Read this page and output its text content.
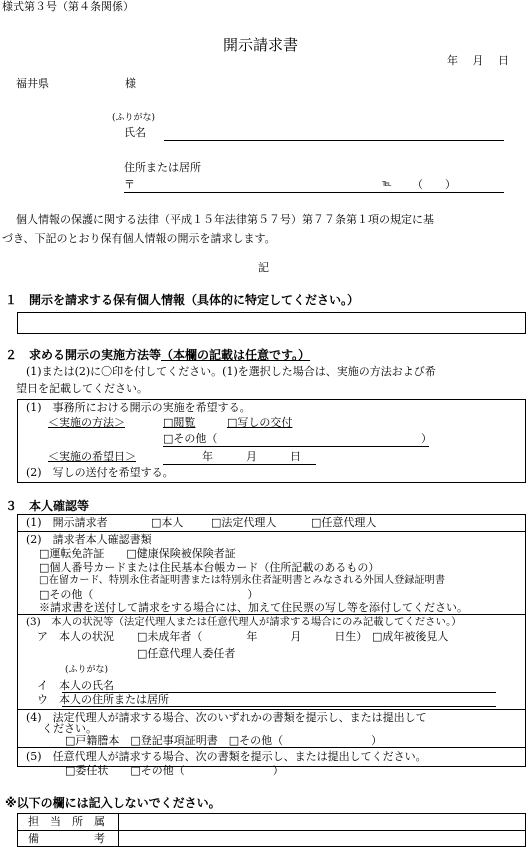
様式第３号（第４条関係）
開示請求書
年　 月　 日
福井県	様
(ふりがな)
氏名
住所または居所
〒	℡ （　　）
個人情報の保護に関する法律（平成１５年法律第５７号）第７７条第１項の規定に基
づき、下記のとおり保有個人情報の開示を請求します。
記
１　開示を請求する保有個人情報（具体的に特定してください。）
２　求める開示の実施方法等（本欄の記載は任意です。）
(1)または(2)に〇印を付してください。(1)を選択した場合は、実施の方法および希
望日を記載してください。
(1)　事務所における開示の実施を希望する。
＜実施の方法＞	□閲覧	□写しの交付
□その他（	）
＜実施の希望日＞	年　　　月　　　日
(2)　写しの送付を希望する。
３　本人確認等
(1)　開示請求者	□本人	□法定代理人	□任意代理人
(2)　請求者本人確認書類
□運転免許証　　□健康保険被保険者証
□個人番号カードまたは住民基本台帳カード（住所記載のあるもの）
□在留カード、特別永住者証明書または特別永住者証明書とみなされる外国人登録証明書
□その他（　　　　　　　　　　　　　　）
※請求書を送付して請求をする場合には、加えて住民票の写し等を添付してください。
(3)　本人の状況等（法定代理人または任意代理人が請求する場合にのみ記載してください。）
ア　本人の状況 □未成年者（　　　　年　　　月　　　日生） □成年被後見人
□任意代理人委任者
(ふりがな)
イ　本人の氏名
ウ　本人の住所または居所
(4)　法定代理人が請求する場合、次のいずれかの書類を提示し、または提出して
ください。
□戸籍謄本　□登記事項証明書　□その他（　　　　　　　　）
(5)　任意代理人が請求する場合、次の書類を提示し、または提出してください。
□委任状　　□その他（　　　　　　　　）
※以下の欄には記入しないでください。
担　当　所　属
備　　　　　考
